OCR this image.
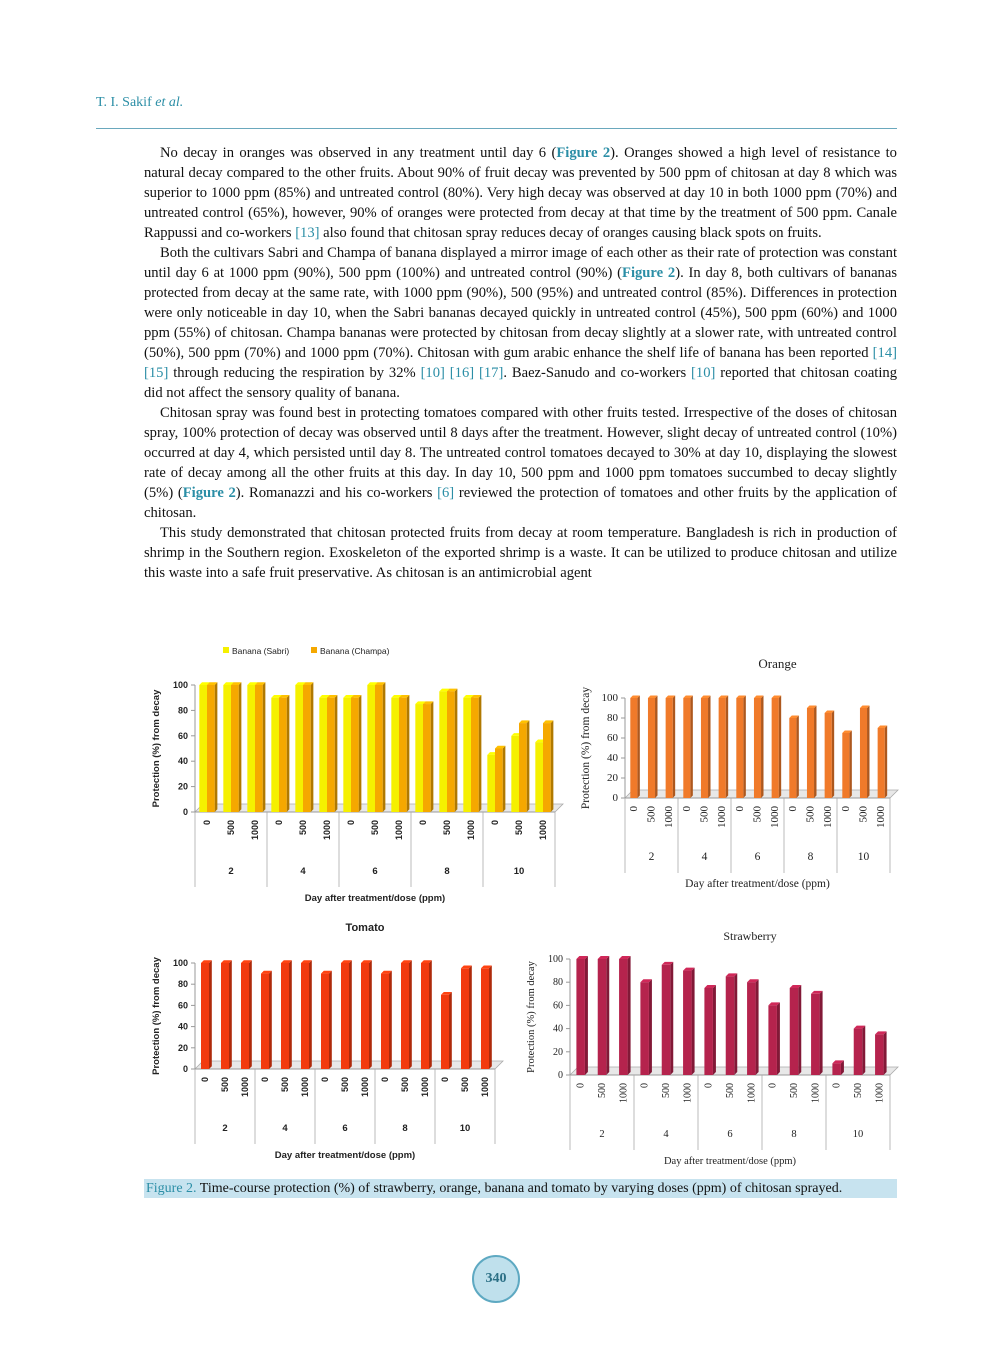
T. I. Sakif et al.

No decay in oranges was observed in any treatment until day 6 (Figure 2). Oranges showed a high level of resistance to natural decay compared to the other fruits. About 90% of fruit decay was prevented by 500 ppm of chitosan at day 8 which was superior to 1000 ppm (85%) and untreated control (80%). Very high decay was observed at day 10 in both 1000 ppm (70%) and untreated control (65%), however, 90% of oranges were protected from decay at that time by the treatment of 500 ppm. Canale Rappussi and co-workers [13] also found that chitosan spray reduces decay of oranges causing black spots on fruits.

Both the cultivars Sabri and Champa of banana displayed a mirror image of each other as their rate of protection was constant until day 6 at 1000 ppm (90%), 500 ppm (100%) and untreated control (90%) (Figure 2). In day 8, both cultivars of bananas protected from decay at the same rate, with 1000 ppm (90%), 500 (95%) and untreated control (85%). Differences in protection were only noticeable in day 10, when the Sabri bananas decayed quickly in untreated control (45%), 500 ppm (60%) and 1000 ppm (55%) of chitosan. Champa bananas were protected by chitosan from decay slightly at a slower rate, with untreated control (50%), 500 ppm (70%) and 1000 ppm (70%). Chitosan with gum arabic enhance the shelf life of banana has been reported [14] [15] through reducing the respiration by 32% [10] [16] [17]. Baez-Sanudo and co-workers [10] reported that chitosan coating did not affect the sensory quality of banana.

Chitosan spray was found best in protecting tomatoes compared with other fruits tested. Irrespective of the doses of chitosan spray, 100% protection of decay was observed until 8 days after the treatment. However, slight decay of untreated control (10%) occurred at day 4, which persisted until day 8. The untreated control tomatoes decayed to 30% at day 10, displaying the slowest rate of decay among all the other fruits at this day. In day 10, 500 ppm and 1000 ppm tomatoes succumbed to decay slightly (5%) (Figure 2). Romanazzi and his co-workers [6] reviewed the protection of tomatoes and other fruits by the application of chitosan.

This study demonstrated that chitosan protected fruits from decay at room temperature. Bangladesh is rich in production of shrimp in the Southern region. Exoskeleton of the exported shrimp is a waste. It can be utilized to produce chitosan and utilize this waste into a safe fruit preservative. As chitosan is an antimicrobial agent

Banana (Sabri)	Banana (Champa)
0
20
40
60
80
100
Protection (%) from decay
0 500 1000 0 500 1000 0 500 1000 0 500 1000 0 500 1000
2	4	6	8	10
Day after treatment/dose (ppm)
Orange
0
20
40
60
80
100
Protection (%) from decay	0 500 1000 0 500 1000 0 500 1000 0 500 1000 0 500 1000
2	4	6	8	10
Day after treatment/dose (ppm)
Tomato
0
20
40
60
80
100
Protection (%) from decay
0 500 1000 0 500 1000 0 500 1000 0 500 1000 0 500 1000
2	4	6	8	10
Day after treatment/dose (ppm)
Strawberry
0
20
40
60
80
100
Protection (%) from decay
0 500 1000 0 500 1000 0 500 1000 0 500 1000 0 500 1000
2	4	6	8	10
Day after treatment/dose (ppm)
Figure 2. Time-course protection (%) of strawberry, orange, banana and tomato by varying doses (ppm) of chitosan sprayed.
340
